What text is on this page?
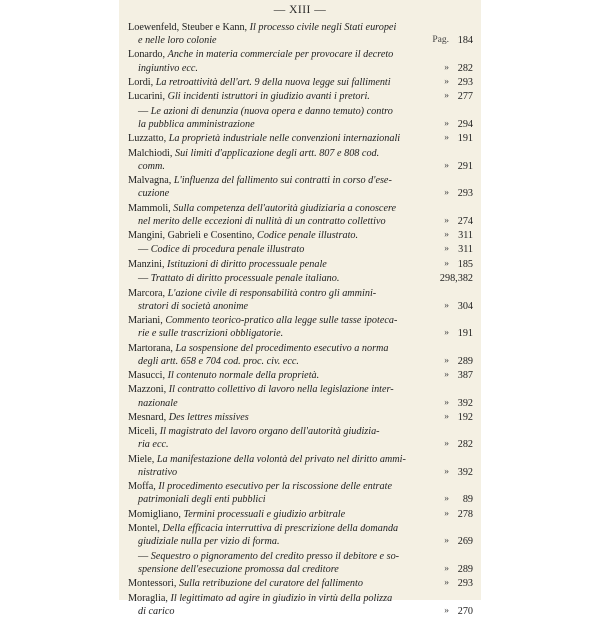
— XIII —
Loewenfeld, Steuber e Kann, Il processo civile negli Stati europei
e nelle loro colonie	Pag. 184
Lonardo, Anche in materia commerciale per provocare il decreto
ingiuntivo ecc.	» 282
Lordi, La retroattività dell'art. 9 della nuova legge sui fallimenti	» 293
Lucarini, Gli incidenti istruttori in giudizio avanti i pretori.	» 277
— Le azioni di denunzia (nuova opera e danno temuto) contro
la pubblica amministrazione	» 294
Luzzatto, La proprietà industriale nelle convenzioni internazionali	» 191
Malchiodi, Sui limiti d'applicazione degli artt. 807 e 808 cod.
comm.	» 291
Malvagna, L'influenza del fallimento sui contratti in corso d'ese-
cuzione	» 293
Mammoli, Sulla competenza dell'autorità giudiziaria a conoscere
nel merito delle eccezioni di nullità di un contratto collettivo	» 274
Mangini, Gabrieli e Cosentino, Codice penale illustrato.	» 311
— Codice di procedura penale illustrato	» 311
Manzini, Istituzioni di diritto processuale penale	» 185
— Trattato di diritto processuale penale italiano.	298,382
Marcora, L'azione civile di responsabilità contro gli ammini-
stratori di società anonime	» 304
Mariani, Commento teorico-pratico alla legge sulle tasse ipoteca-
rie e sulle trascrizioni obbligatorie.	» 191
Martorana, La sospensione del procedimento esecutivo a norma
degli artt. 658 e 704 cod. proc. civ. ecc.	» 289
Masucci, Il contenuto normale della proprietà.	» 387
Mazzoni, Il contratto collettivo di lavoro nella legislazione inter-
nazionale	» 392
Mesnard, Des lettres missives	» 192
Miceli, Il magistrato del lavoro organo dell'autorità giudizia-
ria ecc.	» 282
Miele, La manifestazione della volontà del privato nel diritto ammi-
nistrativo	» 392
Moffa, Il procedimento esecutivo per la riscossione delle entrate
patrimoniali degli enti pubblici	»	89
Momigliano, Termini processuali e giudizio arbitrale	» 278
Montel, Della efficacia interruttiva di prescrizione della domanda
giudiziale nulla per vizio di forma.	» 269
— Sequestro o pignoramento del credito presso il debitore e so-
spensione dell'esecuzione promossa dal creditore	» 289
Montessori, Sulla retribuzione del curatore del fallimento	» 293
Moraglia, Il legittimato ad agire in giudizio in virtù della polizza
di carico	» 270
